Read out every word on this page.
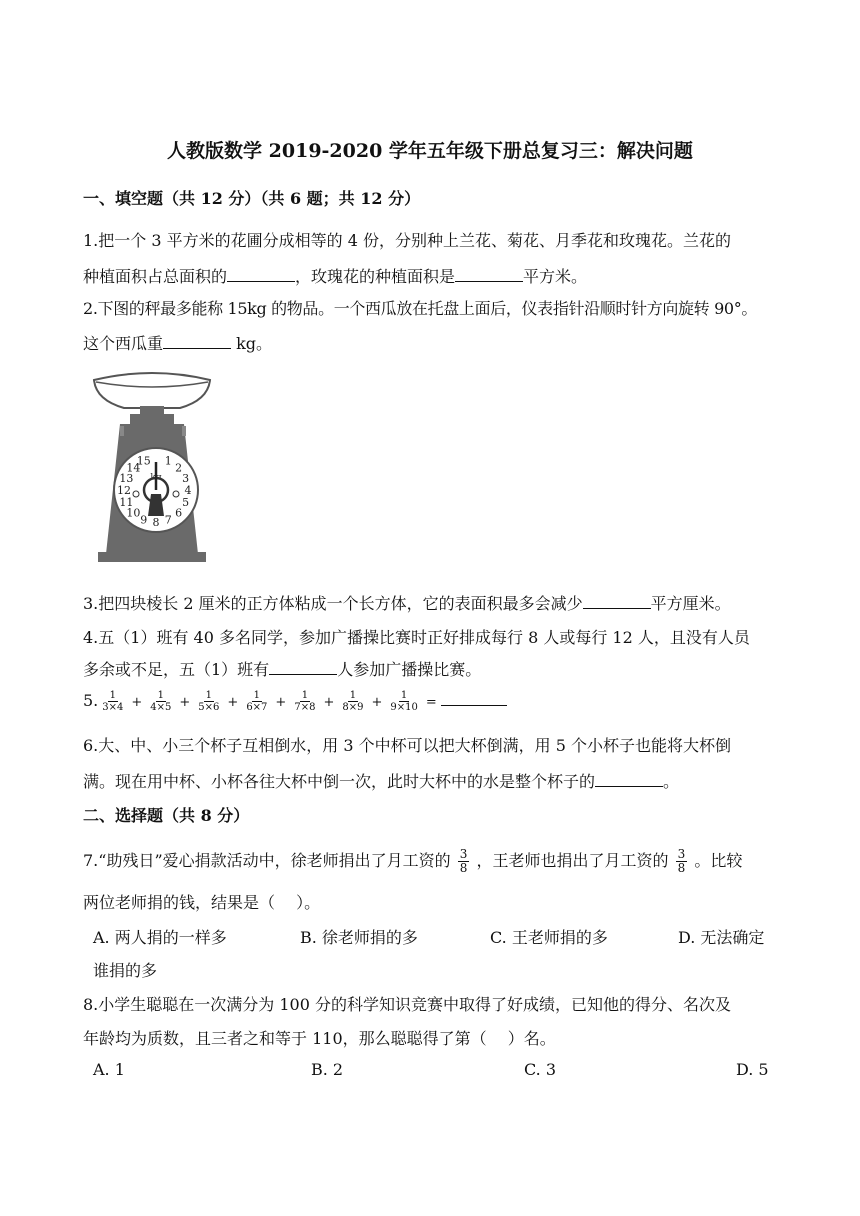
人教版数学 2019-2020 学年五年级下册总复习三：解决问题
一、填空题（共 12 分）（共 6 题；共 12 分）
1.把一个 3 平方米的花圃分成相等的 4 份，分别种上兰花、菊花、月季花和玫瑰花。兰花的
种植面积占总面积的	，玫瑰花的种植面积是	平方米。
2.下图的秤最多能称 15kg 的物品。一个西瓜放在托盘上面后，仪表指针沿顺时针方向旋转 90°。
这个西瓜重	kg。
1
2
3
4
5
6
7
8
9
10
11
12
13
14
15
3.把四块棱长 2 厘米的正方体粘成一个长方体，它的表面积最多会减少	平方厘米。
4.五（1）班有 40 多名同学，参加广播操比赛时正好排成每行 8 人或每行 12 人，且没有人员
多余或不足，五（1）班有	人参加广播操比赛。
5. $\frac{1}{3\times 4} + \frac{1}{4\times 5} + \frac{1}{5\times 6} + \frac{1}{6\times 7} + \frac{1}{7\times 8} + \frac{1}{8\times 9} + \frac{1}{9\times 10}$ =
6.大、中、小三个杯子互相倒水，用 3 个中杯可以把大杯倒满，用 5 个小杯子也能将大杯倒
满。现在用中杯、小杯各往大杯中倒一次，此时大杯中的水是整个杯子的	。
二、选择题（共 8 分）
7.“助残日”爱心捐款活动中，徐老师捐出了月工资的 $\frac{3}{8}$ ，王老师也捐出了月工资的 $\frac{3}{8}$ 。比较
两位老师捐的钱，结果是（　 ）。
A. 两人捐的一样多	B. 徐老师捐的多	C. 王老师捐的多	D. 无法确定
谁捐的多
8.小学生聪聪在一次满分为 100 分的科学知识竞赛中取得了好成绩，已知他的得分、名次及
年龄均为质数，且三者之和等于 110，那么聪聪得了第（　 ）名。
A. 1	B. 2	C. 3	D. 5
